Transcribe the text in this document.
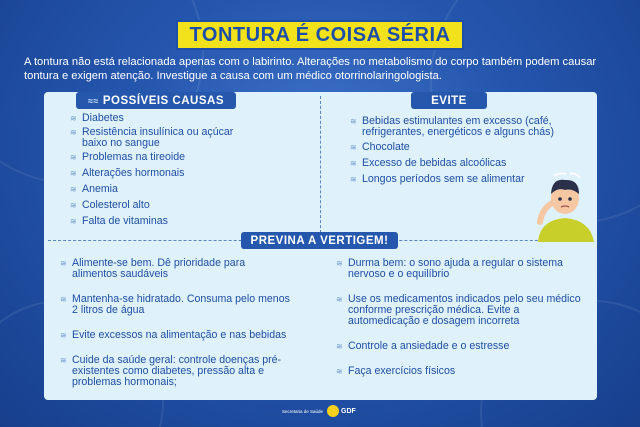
TONTURA É COISA SÉRIA

A tontura não está relacionada apenas com o labirinto. Alterações no metabolismo do corpo também podem causar tontura e exigem atenção. Investigue a causa com um médico otorrinolaringologista.

≈≈ POSSÍVEIS CAUSAS	EVITE
PREVINA A VERTIGEM!
≋ Diabetes
≋ Resistência insulínica ou açúcar baixo no sangue
≋ Problemas na tireoide
≋ Alterações hormonais
≋ Anemia
≋ Colesterol alto
≋ Falta de vitaminas
≋ Bebidas estimulantes em excesso (café, refrigerantes, energéticos e alguns chás)
≋ Chocolate
≋ Excesso de bebidas alcoólicas
≋ Longos períodos sem se alimentar
≋ Alimente-se bem. Dê prioridade para alimentos saudáveis
≋ Mantenha-se hidratado. Consuma pelo menos 2 litros de água
≋ Evite excessos na alimentação e nas bebidas
≋ Cuide da saúde geral: controle doenças pré-existentes como diabetes, pressão alta e problemas hormonais;
≋ Durma bem: o sono ajuda a regular o sistema nervoso e o equilíbrio
≋ Use os medicamentos indicados pelo seu médico conforme prescrição médica. Evite a automedicação e dosagem incorreta
≋ Controle a ansiedade e o estresse
≋ Faça exercícios físicos
Secretaria de Saúde	GDF
